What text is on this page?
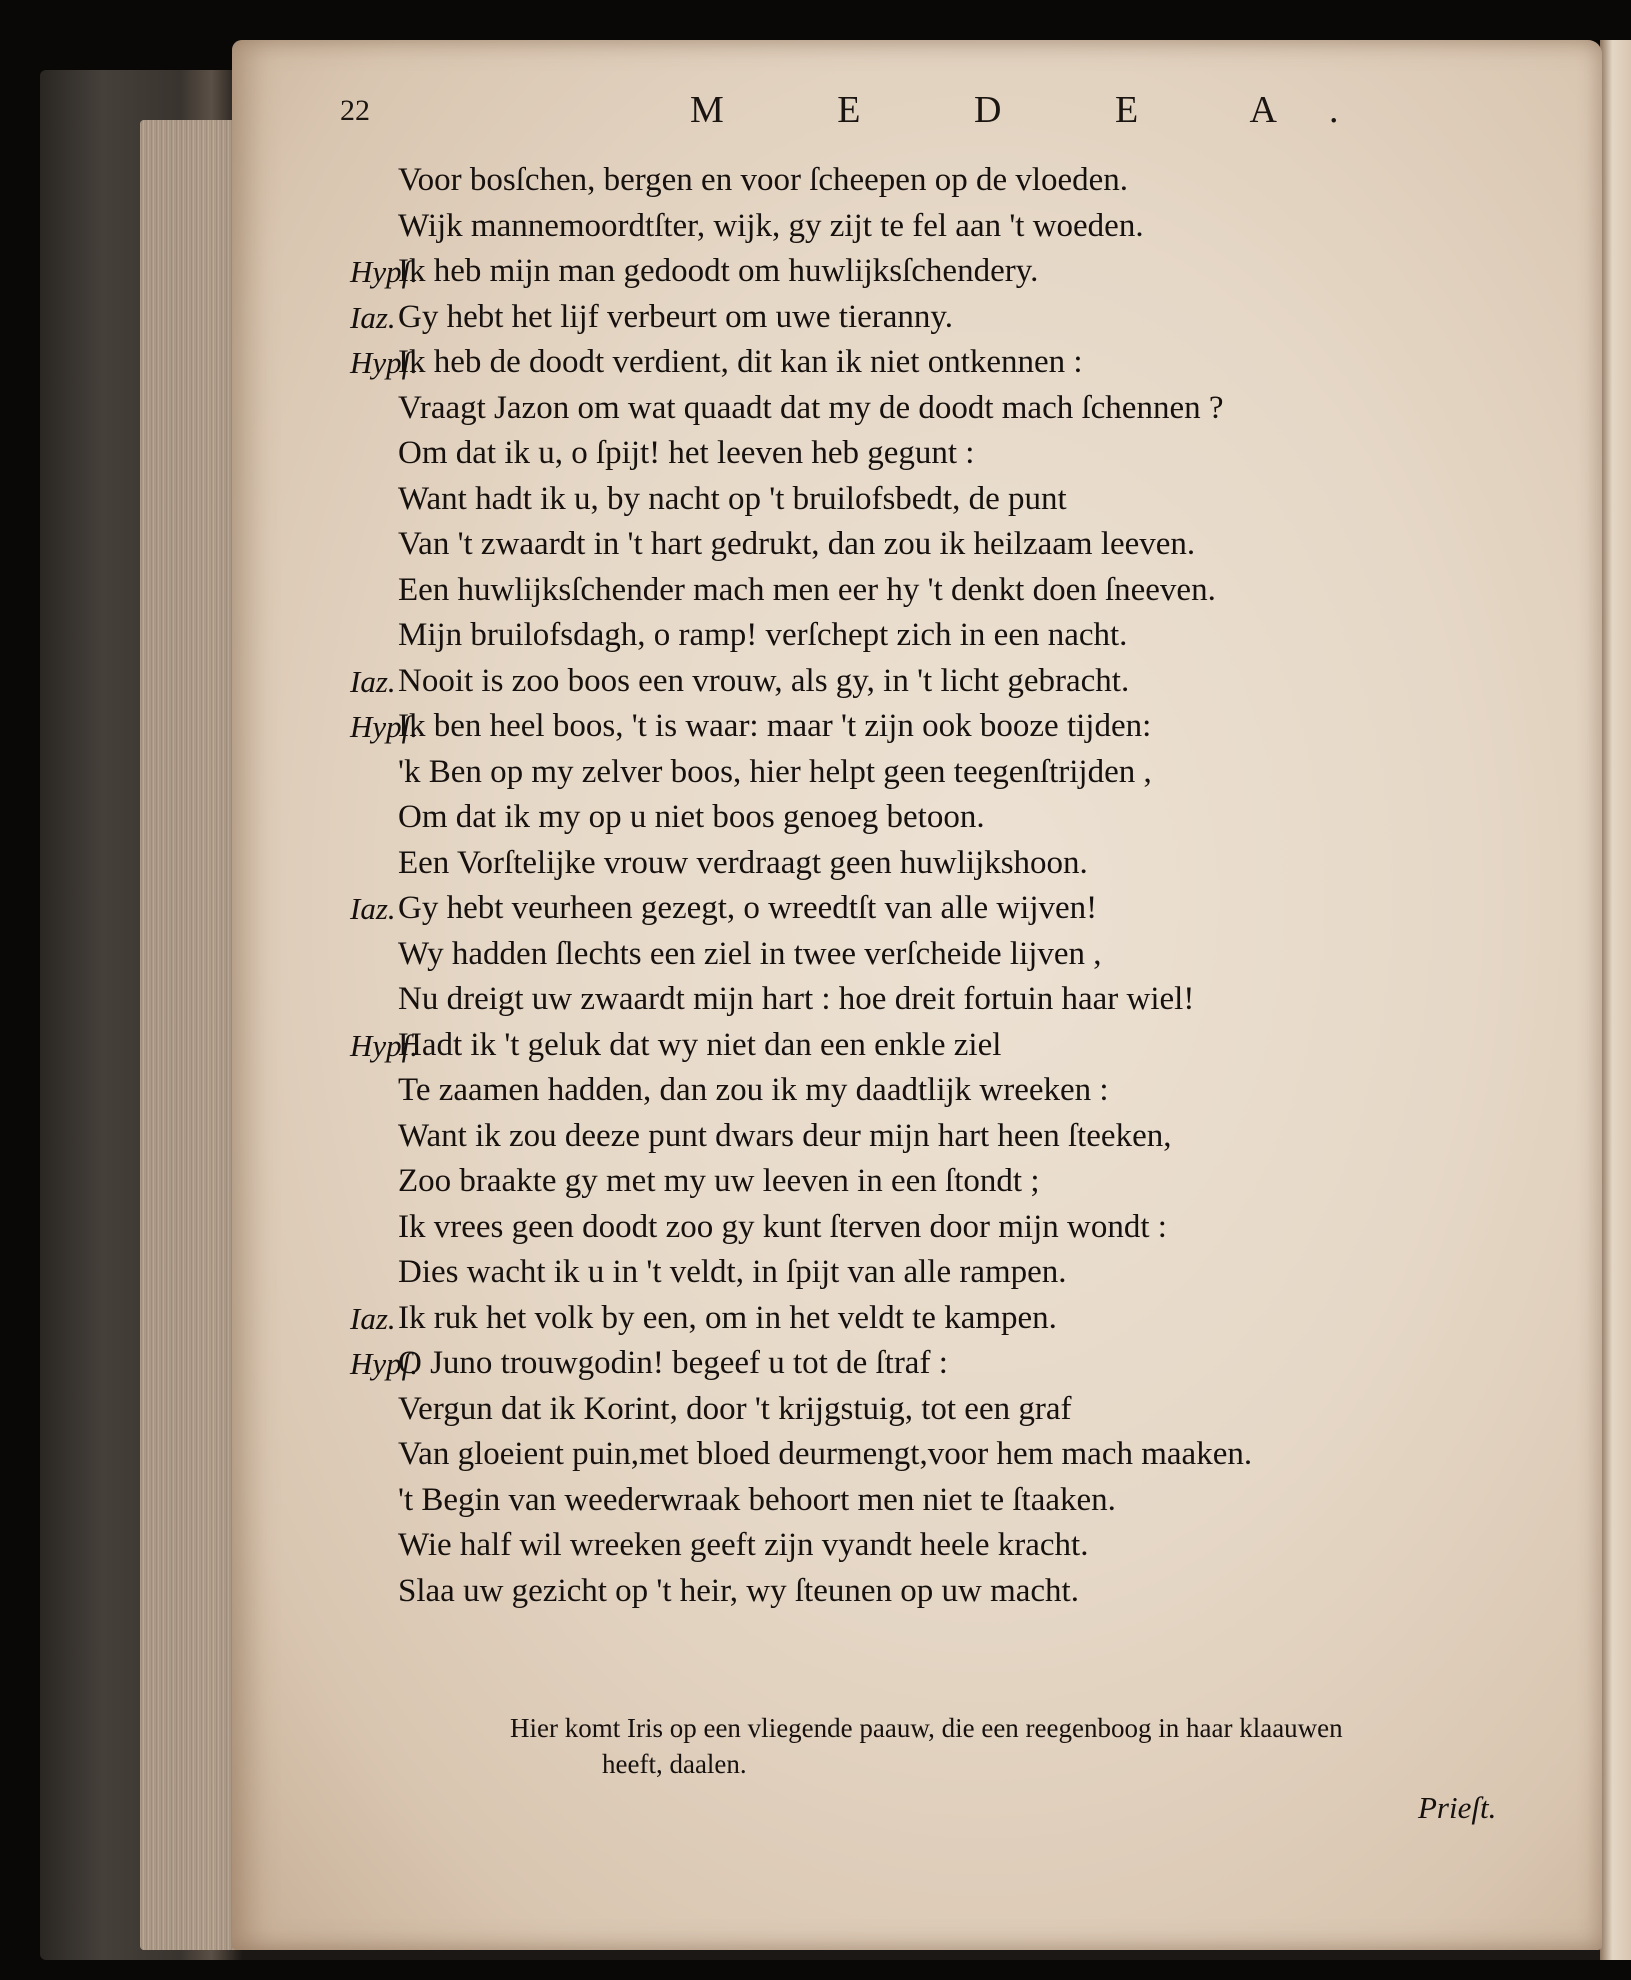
22	M E D E A.
Voor bosſchen, bergen en voor ſcheepen op de vloeden.
Wijk mannemoordtſter, wijk, gy zijt te fel aan 't woeden.
Hypſ.
Ik heb mijn man gedoodt om huwlijksſchendery.
Iaz. Gy hebt het lijf verbeurt om uwe tieranny.
Hypſ.
Ik heb de doodt verdient, dit kan ik niet ontkennen :
Vraagt Jazon om wat quaadt dat my de doodt mach ſchennen ?
Om dat ik u, o ſpijt! het leeven heb gegunt :
Want hadt ik u, by nacht op 't bruilofsbedt, de punt
Van 't zwaardt in 't hart gedrukt, dan zou ik heilzaam leeven.
Een huwlijksſchender mach men eer hy 't denkt doen ſneeven.
Mijn bruilofsdagh, o ramp! verſchept zich in een nacht.
Iaz. Nooit is zoo boos een vrouw, als gy, in 't licht gebracht.
Hypſ.
Ik ben heel boos, 't is waar: maar 't zijn ook booze tijden:
'k Ben op my zelver boos, hier helpt geen teegenſtrijden ,
Om dat ik my op u niet boos genoeg betoon.
Een Vorſtelijke vrouw verdraagt geen huwlijkshoon.
Iaz. Gy hebt veurheen gezegt, o wreedtſt van alle wijven!
Wy hadden ſlechts een ziel in twee verſcheide lijven ,
Nu dreigt uw zwaardt mijn hart : hoe dreit fortuin haar wiel!
Hypſ.
Hadt ik 't geluk dat wy niet dan een enkle ziel
Te zaamen hadden, dan zou ik my daadtlijk wreeken :
Want ik zou deeze punt dwars deur mijn hart heen ſteeken,
Zoo braakte gy met my uw leeven in een ſtondt ;
Ik vrees geen doodt zoo gy kunt ſterven door mijn wondt :
Dies wacht ik u in 't veldt, in ſpijt van alle rampen.
Iaz. Ik ruk het volk by een, om in het veldt te kampen.
Hypſ.
O Juno trouwgodin! begeef u tot de ſtraf :
Vergun dat ik Korint, door 't krijgstuig, tot een graf
Van gloeient puin,met bloed deurmengt,voor hem mach maaken.
't Begin van weederwraak behoort men niet te ſtaaken.
Wie half wil wreeken geeft zijn vyandt heele kracht.
Slaa uw gezicht op 't heir, wy ſteunen op uw macht.
Hier komt Iris op een vliegende paauw, die een reegenboog in haar klaauwen
heeft, daalen.
Prieſt.
